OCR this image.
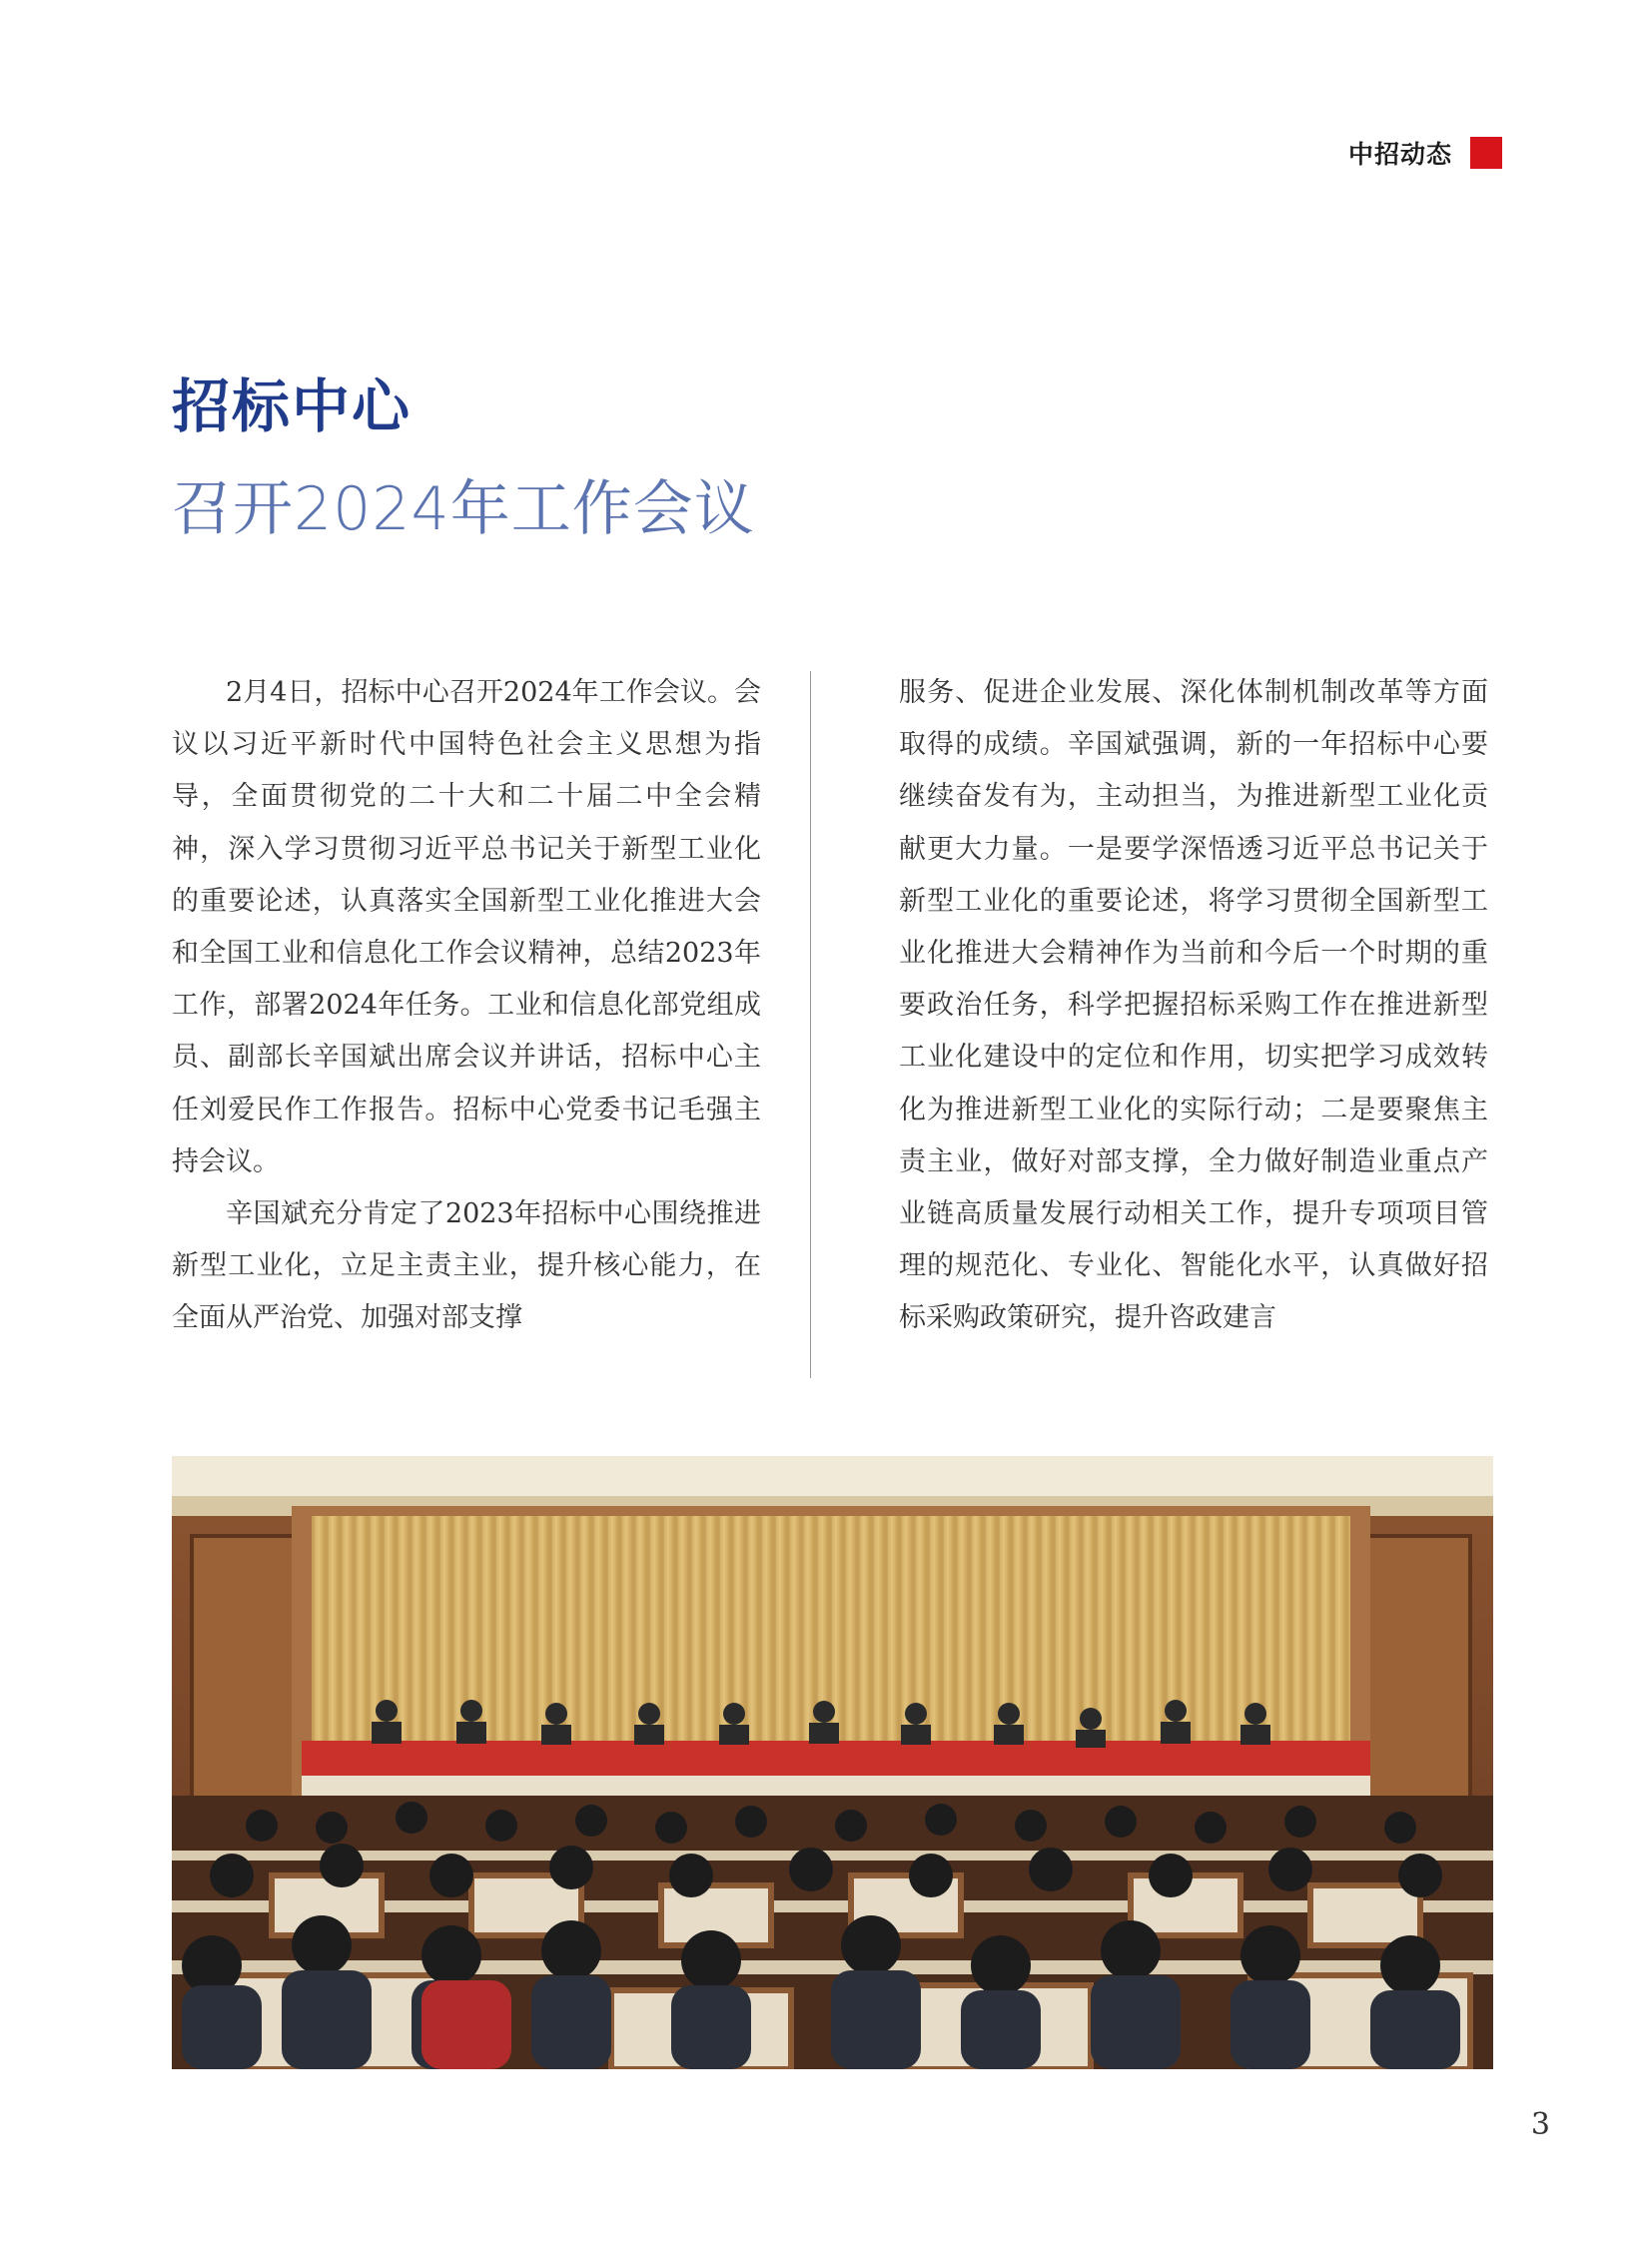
中招动态
招标中心
召开2024年工作会议

2月4日，招标中心召开2024年工作会议。会议以习近平新时代中国特色社会主义思想为指导，全面贯彻党的二十大和二十届二中全会精神，深入学习贯彻习近平总书记关于新型工业化的重要论述，认真落实全国新型工业化推进大会和全国工业和信息化工作会议精神，总结2023年工作，部署2024年任务。工业和信息化部党组成员、副部长辛国斌出席会议并讲话，招标中心主任刘爱民作工作报告。招标中心党委书记毛强主持会议。

辛国斌充分肯定了2023年招标中心围绕推进新型工业化，立足主责主业，提升核心能力，在全面从严治党、加强对部支撑

服务、促进企业发展、深化体制机制改革等方面取得的成绩。辛国斌强调，新的一年招标中心要继续奋发有为，主动担当，为推进新型工业化贡献更大力量。一是要学深悟透习近平总书记关于新型工业化的重要论述，将学习贯彻全国新型工业化推进大会精神作为当前和今后一个时期的重要政治任务，科学把握招标采购工作在推进新型工业化建设中的定位和作用，切实把学习成效转化为推进新型工业化的实际行动；二是要聚焦主责主业，做好对部支撑，全力做好制造业重点产业链高质量发展行动相关工作，提升专项项目管理的规范化、专业化、智能化水平，认真做好招标采购政策研究，提升咨政建言

3
